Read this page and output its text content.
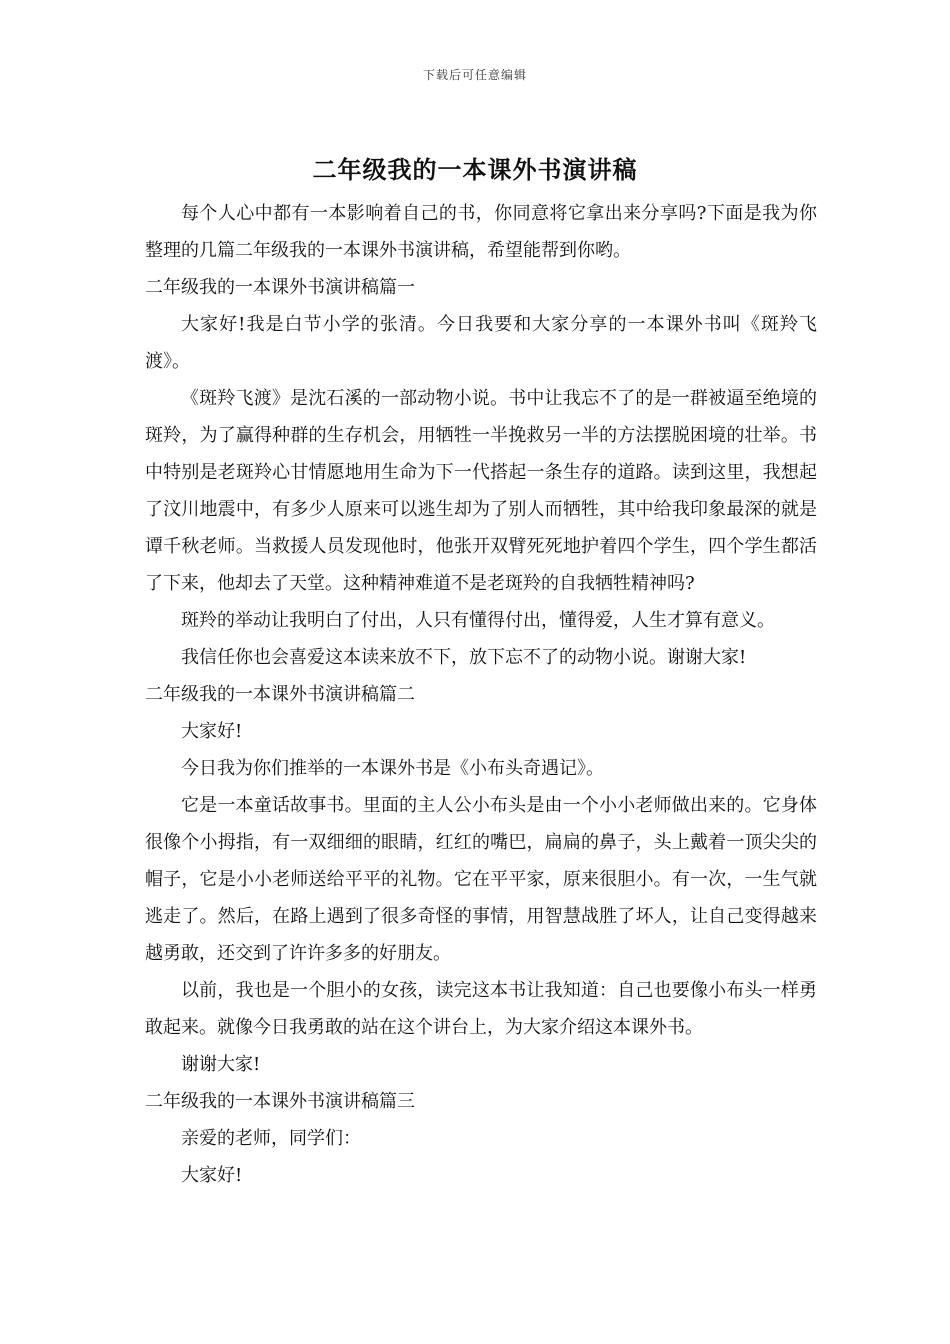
下载后可任意编辑
二年级我的一本课外书演讲稿

每个人心中都有一本影响着自己的书，你同意将它拿出来分享吗?下面是我为你整理的几篇二年级我的一本课外书演讲稿，希望能帮到你哟。

二年级我的一本课外书演讲稿篇一

大家好!我是白节小学的张清。今日我要和大家分享的一本课外书叫《斑羚飞渡》。

《斑羚飞渡》是沈石溪的一部动物小说。书中让我忘不了的是一群被逼至绝境的斑羚，为了赢得种群的生存机会，用牺牲一半挽救另一半的方法摆脱困境的壮举。书中特别是老斑羚心甘情愿地用生命为下一代搭起一条生存的道路。读到这里，我想起了汶川地震中，有多少人原来可以逃生却为了别人而牺牲，其中给我印象最深的就是谭千秋老师。当救援人员发现他时，他张开双臂死死地护着四个学生，四个学生都活了下来，他却去了天堂。这种精神难道不是老斑羚的自我牺牲精神吗?

斑羚的举动让我明白了付出，人只有懂得付出，懂得爱，人生才算有意义。

我信任你也会喜爱这本读来放不下，放下忘不了的动物小说。谢谢大家!

二年级我的一本课外书演讲稿篇二

大家好!

今日我为你们推举的一本课外书是《小布头奇遇记》。

它是一本童话故事书。里面的主人公小布头是由一个小小老师做出来的。它身体很像个小拇指，有一双细细的眼睛，红红的嘴巴，扁扁的鼻子，头上戴着一顶尖尖的帽子，它是小小老师送给平平的礼物。它在平平家，原来很胆小。有一次，一生气就逃走了。然后，在路上遇到了很多奇怪的事情，用智慧战胜了坏人，让自己变得越来越勇敢，还交到了许许多多的好朋友。

以前，我也是一个胆小的女孩，读完这本书让我知道：自己也要像小布头一样勇敢起来。就像今日我勇敢的站在这个讲台上，为大家介绍这本课外书。

谢谢大家!

二年级我的一本课外书演讲稿篇三

亲爱的老师，同学们：

大家好!
